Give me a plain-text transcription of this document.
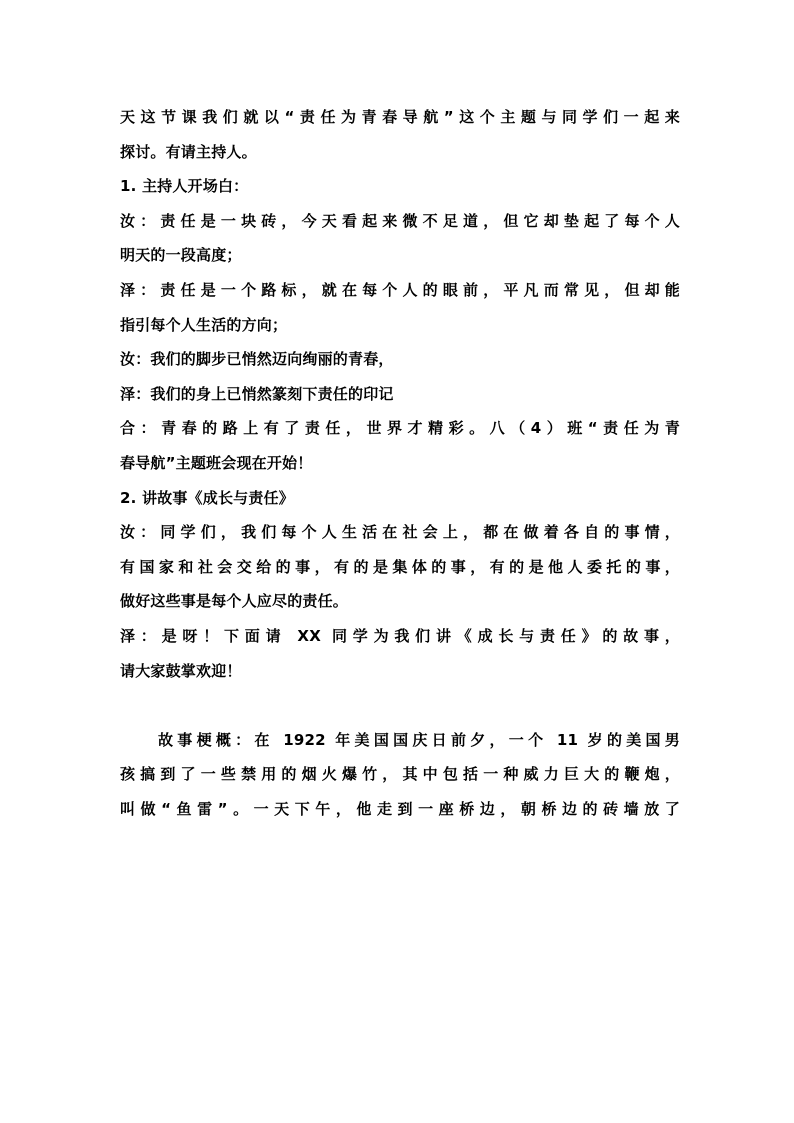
天这节课我们就以“责任为青春导航”这个主题与同学们一起来
探讨。有请主持人。
1. 主持人开场白：
汝：责任是一块砖，今天看起来微不足道，但它却垫起了每个人
明天的一段高度；
泽：责任是一个路标，就在每个人的眼前，平凡而常见，但却能
指引每个人生活的方向；
汝：我们的脚步已悄然迈向绚丽的青春，
泽：我们的身上已悄然篆刻下责任的印记
合：青春的路上有了责任，世界才精彩。八（4）班“责任为青
春导航”主题班会现在开始！
2. 讲故事《成长与责任》
汝：同学们，我们每个人生活在社会上，都在做着各自的事情，
有国家和社会交给的事，有的是集体的事，有的是他人委托的事，
做好这些事是每个人应尽的责任。
泽：是呀！下面请 XX 同学为我们讲《成长与责任》的故事，
请大家鼓掌欢迎！
故事梗概：在 1922 年美国国庆日前夕，一个 11 岁的美国男
孩搞到了一些禁用的烟火爆竹，其中包括一种威力巨大的鞭炮，
叫做“鱼雷”。一天下午，他走到一座桥边，朝桥边的砖墙放了
